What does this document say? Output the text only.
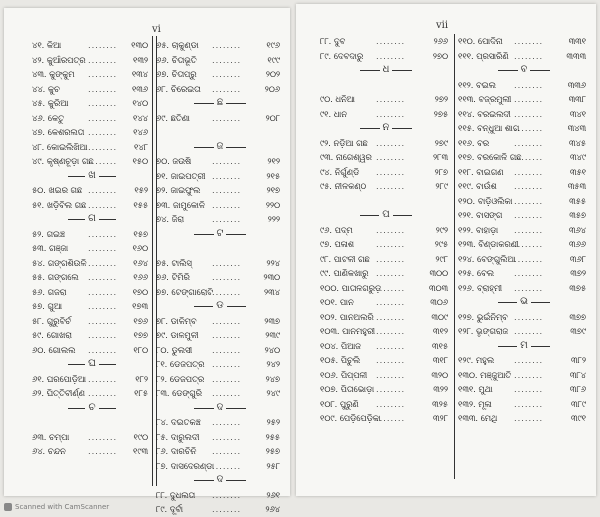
vi
୪୧. କିଆ	........ ୧୩୦
୪୨. କୁଆଁରପତ୍ର ........ ୧୩୨
୪୩. କୁଙ୍କୁମ ........ ୧୩୪
୪୪. କୁଚ	........ ୧୩୬
୪୫. କୁରିଆ ........ ୧୪୦
୪୬. କେତୁ	........ ୧୪୪
୪୭. କେଶରଲତା ........ ୧୪୬
୪୮. କୋଇଲିଖିଆ ........ ୧୪୮
୪୯. କୃଷ୍ଣଚୂଡ଼ା ଗଛ
........ ୧୫୦
ଖ
୫୦. ଖଇର ଗଛ ........ ୧୫୨
୫୧. ଖଡ଼ିବିଲ ଗଛ ........ ୧୫୫
ଗ
୫୨. ଗଇଞ୍ଚ	........ ୧୫୭
୫୩. ଗଞ୍ଜା ........ ୧୬୦
୫୪. ଗଙ୍ଗଶିଉଳି ........ ୧୬୪
୫୫. ଗଙ୍ଗଲେ ........ ୧୬୬
୫୬. ଗଜରା	........ ୧୭୦
୫୭. ଗୁଆ	........ ୧୭୩
୫୮. ଗୁରୁବିର୍ଚ ........ ୧୭୬
୫୯. ଗୋଖରା ........ ୧୭୭
୬୦. ଗୋଲଲ ........ ୧୮୦
ଘ
୬୧. ଘରପୋଡ଼ିଆ ........ ୧୮୨
୬୨. ଘିତ୍ତିବୀର୍ଣ୍ଣ ........ ୧୮୫
ଚ
୬୩. ଚମ୍ପା ........ ୧୯୦
୬୪. ଚନ୍ଦନ	........ ୧୯୩
୬୫. ଚାକୁଣ୍ଡା ........	୧୯୬
୬୬. ଚିତାଭୂତି ........	୧୯୯
୬୭. ଚିତାପ୍ରୁ ........	୨୦୨
୬୮. ଚିରେଇତା ........	୨୦୬
ଛ
୬୯. ଛତିଣା	........	୨୦୮
ଜ
୭୦. ଜଉଷି	........	୨୧୨
୭୧. ଜାଇପତ୍ରୀ ........	୨୧୫
୭୨. ଜାଇଫୁଲ ........	୨୧୭
୭୩. ଜାମୁକୋଳି ........	୨୨୦
୭୪. ଜିରା	........	୨୨୨
ଟ
୭୫. ଟାଲିସ୍ ........	୨୨୪
୭୬. ଟିମିରି	........	୨୩୦
୭୭. ଟେଙ୍ଗାରୋଟି ........	୨୩୪
ଡ
୭୮. ଡାଳିମ୍ବ ........	୨୩୭
୭୯. ଡାଳମୁଳୀ ........	୨୩୯
୮୦. ଡୁଲସୀ ........	୨୪୦
୮୧. ଡେଜପତ୍ର ........	୨୪୨
୮୨. ଡେଜପତ୍ର ........	୨୪୭
୮୩. ଡେଙ୍ଗୁରି ........	୨୪୯
ଦ
୮୪. ଦଇତକଞ୍ଚ ........	୨୫୨
୮୫. ଦାରୁଲଦୀ ........	୨୫୫
୮୬. ଦାରଚିନି ........	୨୫୭
୮୭. ଦାସଦେରଣ୍ଡା
........	୨୫୮
ଦ
୮୮. ଦୁଧଲତା ........	୨୬୧
୮୯. ଦୂର୍ବା	........	୨୬୪
vii
୮୮. ଦୁବ	........	୨୬୬
୮୯. ଦେବଦାରୁ ........	୨୭୦
ଧ
୯୦. ଧନିଆ	........	୨୭୨
୯୧. ଧାନ	........	୨୭୫
ନ
୯୨. ନଡ଼ିଆ ଗଛ ........	୨୭୯
୯୩. ନାଗେଶ୍ୱର ........	୨୮୩
୯୪. ନିର୍ଗୁଣ୍ଡି ........	୨୮୭
୯୫. ନୀଳକଣ୍ଠ ........	୨୮୯
ପ
୯୬. ପଦ୍ମ	........	୨୯୨
୯୭. ପଳାଶ	........	୨୯୫
୯୮. ପାଟଳୀ ଗଛ ........	୨୯୮
୯୯. ପାଣିକଖାରୁ ........	୩୦୦
୧୦୦. ପାତାଳଗରୁଡ଼
........	୩୦୩
୧୦୧. ପାନ	........	୩୦୬
୧୦୨. ପାନଅଲରି ........	୩୦୯
୧୦୩. ପାନମହୁରୀ ........	୩୧୨
୧୦୪. ପିଆଜ ........	୩୧୫
୧୦୫. ପିଚୁଲି ........	୩୧୮
୧୦୬. ପିପ୍ପଳୀ ........	୩୨୦
୧୦୭. ପିତାଭୋଡ଼ା ........	୩୨୨
୧୦୮. ପୁରୁଣି ........	୩୨୫
୧୦୯. ପେଡ଼ିପେଡ଼ିକା
........	୩୨୮
୧୧୦. ପୋଦିନା ........	୩୩୧
୧୧୧. ପ୍ରସାରିଣି ........	୩୩୩
ବ
୧୧୨. ବଇଲ ........	୩୩୬
୧୧୩. ବଜ୍ରମୁଲୀ ........	୩୩୮
୧୧୪. ବରଇଲଦୀ ........	୩୪୧
୧୧୫. ବନ୍ଧୁଆ ଶାଗ
........	୩୪୩
୧୧୬. ବର	........	୩୪୫
୧୧୭. ବରକୋଳି ଗଛ
........	୩୪୯
୧୧୮. ବାଇଗଣ ........	୩୫୧
୧୧୯. ବାଉଁଶ ........	୩୫୩
୧୨୦. ବାଡ଼ିଓଲିକା ........	୩୫୫
୧୨୧. ବାସଙ୍ଗ ........	୩୫୭
୧୨୨. ବାହାଡ଼ା ........	୩୬୪
୧୨୩. ବିଣ୍ଡାକରଣୀ
........	୩୬୬
୧୨୪. ବେଙ୍ଗୁଲିଆ
........	୩୬୮
୧୨୫. ବେଲ ........	୩୭୨
୧୨୬. ବ୍ରାହ୍ମୀ ........	୩୭୫
ଭ
୧୨୭. ଭୁଇଁନିମ୍ବ ........	୩୭୭
୧୨୮. ଭୃଙ୍ଗରାଜ ........	୩୭୯
ମ
୧୨୯. ମହୁଲ ........	୩୮୨
୧୩୦. ମଞ୍ଜୁଆତି ........	୩୮୪
୧୩୧. ମୁଥା	........	୩୮୬
୧୩୨. ମୂଳା	........	୩୮୯
୧୩୩. ମେଥି ........	୩୯୧
Scanned with CamScanner
